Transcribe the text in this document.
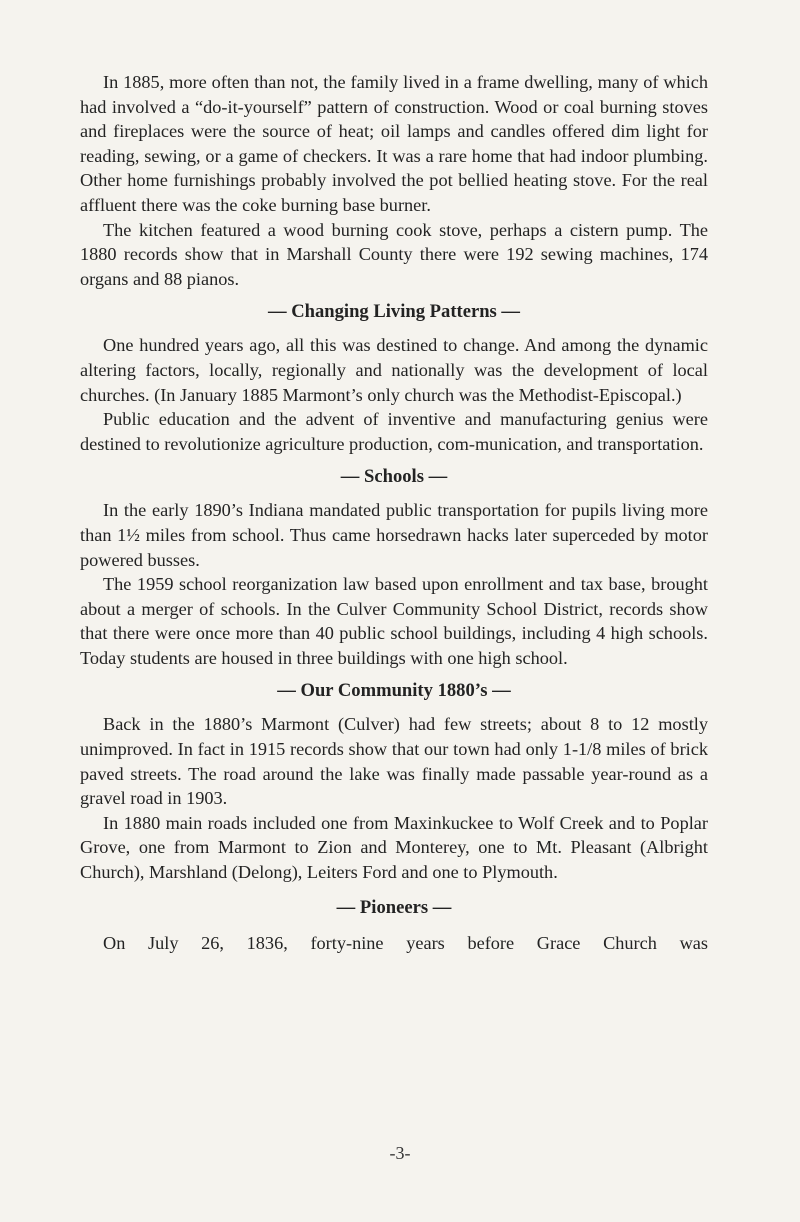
In 1885, more often than not, the family lived in a frame dwelling, many of which had involved a “do-it-yourself” pattern of construction. Wood or coal burning stoves and fireplaces were the source of heat; oil lamps and candles offered dim light for reading, sewing, or a game of checkers. It was a rare home that had indoor plumbing. Other home furnishings probably involved the pot bellied heating stove. For the real affluent there was the coke burning base burner.

The kitchen featured a wood burning cook stove, perhaps a cistern pump. The 1880 records show that in Marshall County there were 192 sewing machines, 174 organs and 88 pianos.

— Changing Living Patterns —

One hundred years ago, all this was destined to change. And among the dynamic altering factors, locally, regionally and nationally was the development of local churches. (In January 1885 Marmont’s only church was the Methodist-Episcopal.)

Public education and the advent of inventive and manufacturing genius were destined to revolutionize agriculture production, com-munication, and transportation.

— Schools —

In the early 1890’s Indiana mandated public transportation for pupils living more than 1½ miles from school. Thus came horsedrawn hacks later superceded by motor powered busses.

The 1959 school reorganization law based upon enrollment and tax base, brought about a merger of schools. In the Culver Community School District, records show that there were once more than 40 public school buildings, including 4 high schools. Today students are housed in three buildings with one high school.

— Our Community 1880’s —

Back in the 1880’s Marmont (Culver) had few streets; about 8 to 12 mostly unimproved. In fact in 1915 records show that our town had only 1-1/8 miles of brick paved streets. The road around the lake was finally made passable year-round as a gravel road in 1903.

In 1880 main roads included one from Maxinkuckee to Wolf Creek and to Poplar Grove, one from Marmont to Zion and Monterey, one to Mt. Pleasant (Albright Church), Marshland (Delong), Leiters Ford and one to Plymouth.

— Pioneers —

On July 26, 1836, forty-nine years before Grace Church was

-3-
